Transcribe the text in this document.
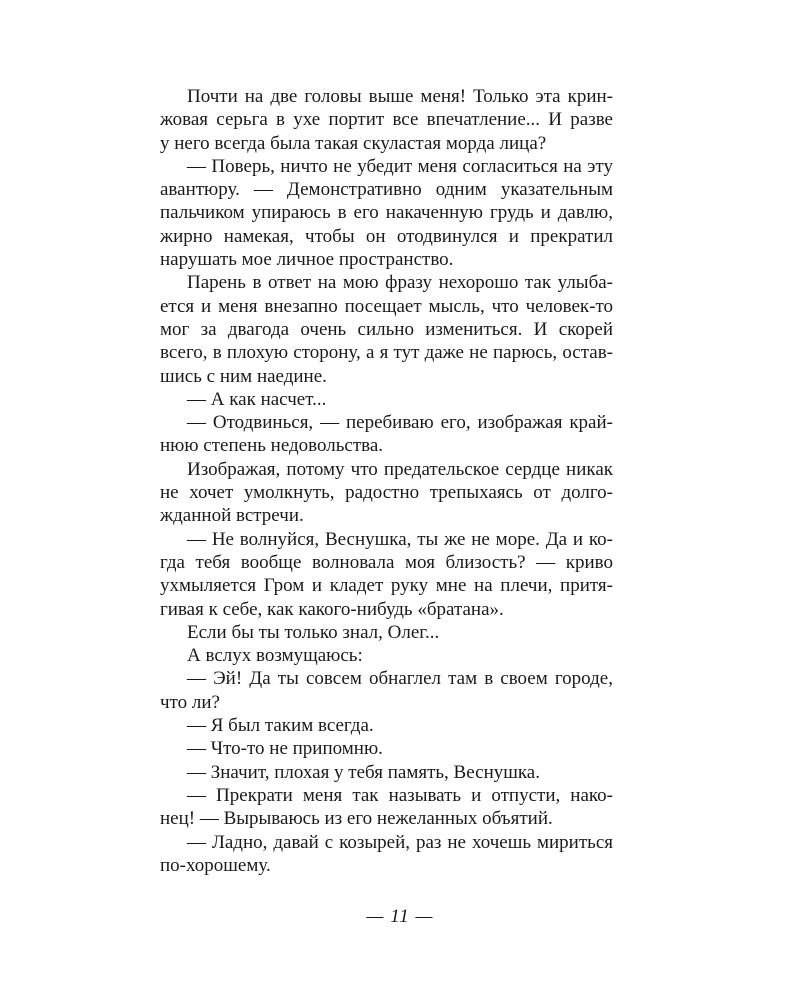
Почти на две головы выше меня! Только эта крин-
жовая серьга в ухе портит все впечатление... И разве
у него всегда была такая скуластая морда лица?
— Поверь, ничто не убедит меня согласиться на эту
авантюру. — Демонстративно одним указательным
пальчиком упираюсь в его накаченную грудь и давлю,
жирно намекая, чтобы он отодвинулся и прекратил
нарушать мое личное пространство.
Парень в ответ на мою фразу нехорошо так улыба-
ется и меня внезапно посещает мысль, что человек-то
мог за двагода очень сильно измениться. И скорей
всего, в плохую сторону, а я тут даже не парюсь, остав-
шись с ним наедине.
— А как насчет...
— Отодвинься, — перебиваю его, изображая край-
нюю степень недовольства.
Изображая, потому что предательское сердце никак
не хочет умолкнуть, радостно трепыхаясь от долго-
жданной встречи.
— Не волнуйся, Веснушка, ты же не море. Да и ко-
гда тебя вообще волновала моя близость? — криво
ухмыляется Гром и кладет руку мне на плечи, притя-
гивая к себе, как какого-нибудь «братана».
Если бы ты только знал, Олег...
А вслух возмущаюсь:
— Эй! Да ты совсем обнаглел там в своем городе,
что ли?
— Я был таким всегда.
— Что-то не припомню.
— Значит, плохая у тебя память, Веснушка.
— Прекрати меня так называть и отпусти, нако-
нец! — Вырываюсь из его нежеланных объятий.
— Ладно, давай с козырей, раз не хочешь мириться
по-хорошему.
— 11 —
